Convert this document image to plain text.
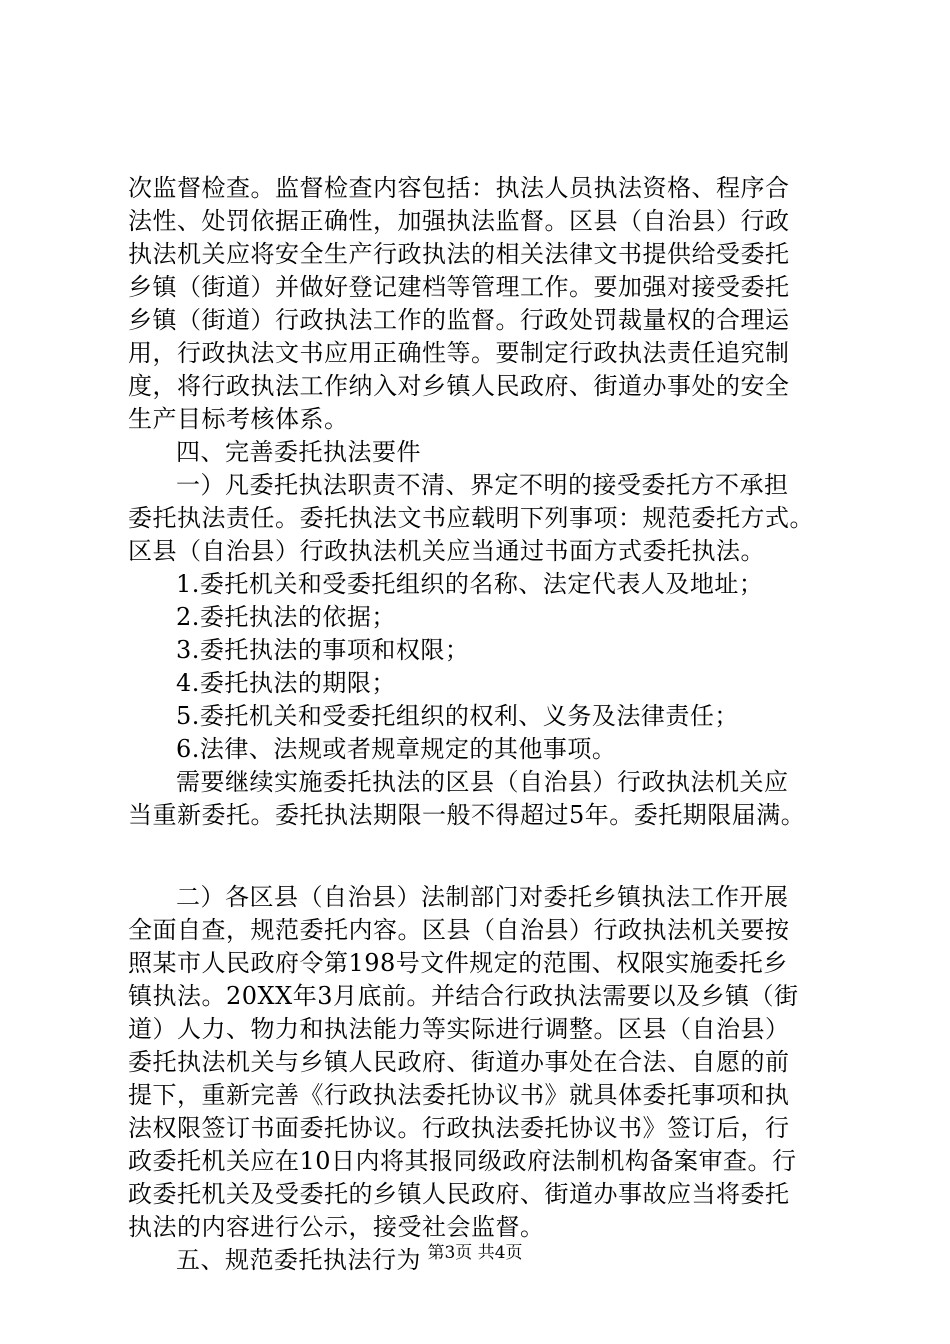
次监督检查。监督检查内容包括：执法人员执法资格、程序合
法性、处罚依据正确性，加强执法监督。区县（自治县）行政
执法机关应将安全生产行政执法的相关法律文书提供给受委托
乡镇（街道）并做好登记建档等管理工作。要加强对接受委托
乡镇（街道）行政执法工作的监督。行政处罚裁量权的合理运
用，行政执法文书应用正确性等。要制定行政执法责任追究制
度，将行政执法工作纳入对乡镇人民政府、街道办事处的安全
生产目标考核体系。
四、完善委托执法要件
一）凡委托执法职责不清、界定不明的接受委托方不承担
委托执法责任。委托执法文书应载明下列事项：规范委托方式。
区县（自治县）行政执法机关应当通过书面方式委托执法。
1.委托机关和受委托组织的名称、法定代表人及地址；
2.委托执法的依据；
3.委托执法的事项和权限；
4.委托执法的期限；
5.委托机关和受委托组织的权利、义务及法律责任；
6.法律、法规或者规章规定的其他事项。
需要继续实施委托执法的区县（自治县）行政执法机关应
当重新委托。委托执法期限一般不得超过5年。委托期限届满。
二）各区县（自治县）法制部门对委托乡镇执法工作开展
全面自查，规范委托内容。区县（自治县）行政执法机关要按
照某市人民政府令第198号文件规定的范围、权限实施委托乡
镇执法。20XX年3月底前。并结合行政执法需要以及乡镇（街
道）人力、物力和执法能力等实际进行调整。区县（自治县）
委托执法机关与乡镇人民政府、街道办事处在合法、自愿的前
提下，重新完善《行政执法委托协议书》就具体委托事项和执
法权限签订书面委托协议。行政执法委托协议书》签订后，行
政委托机关应在10日内将其报同级政府法制机构备案审查。行
政委托机关及受委托的乡镇人民政府、街道办事故应当将委托
执法的内容进行公示，接受社会监督。
五、规范委托执法行为 第3页 共4页
